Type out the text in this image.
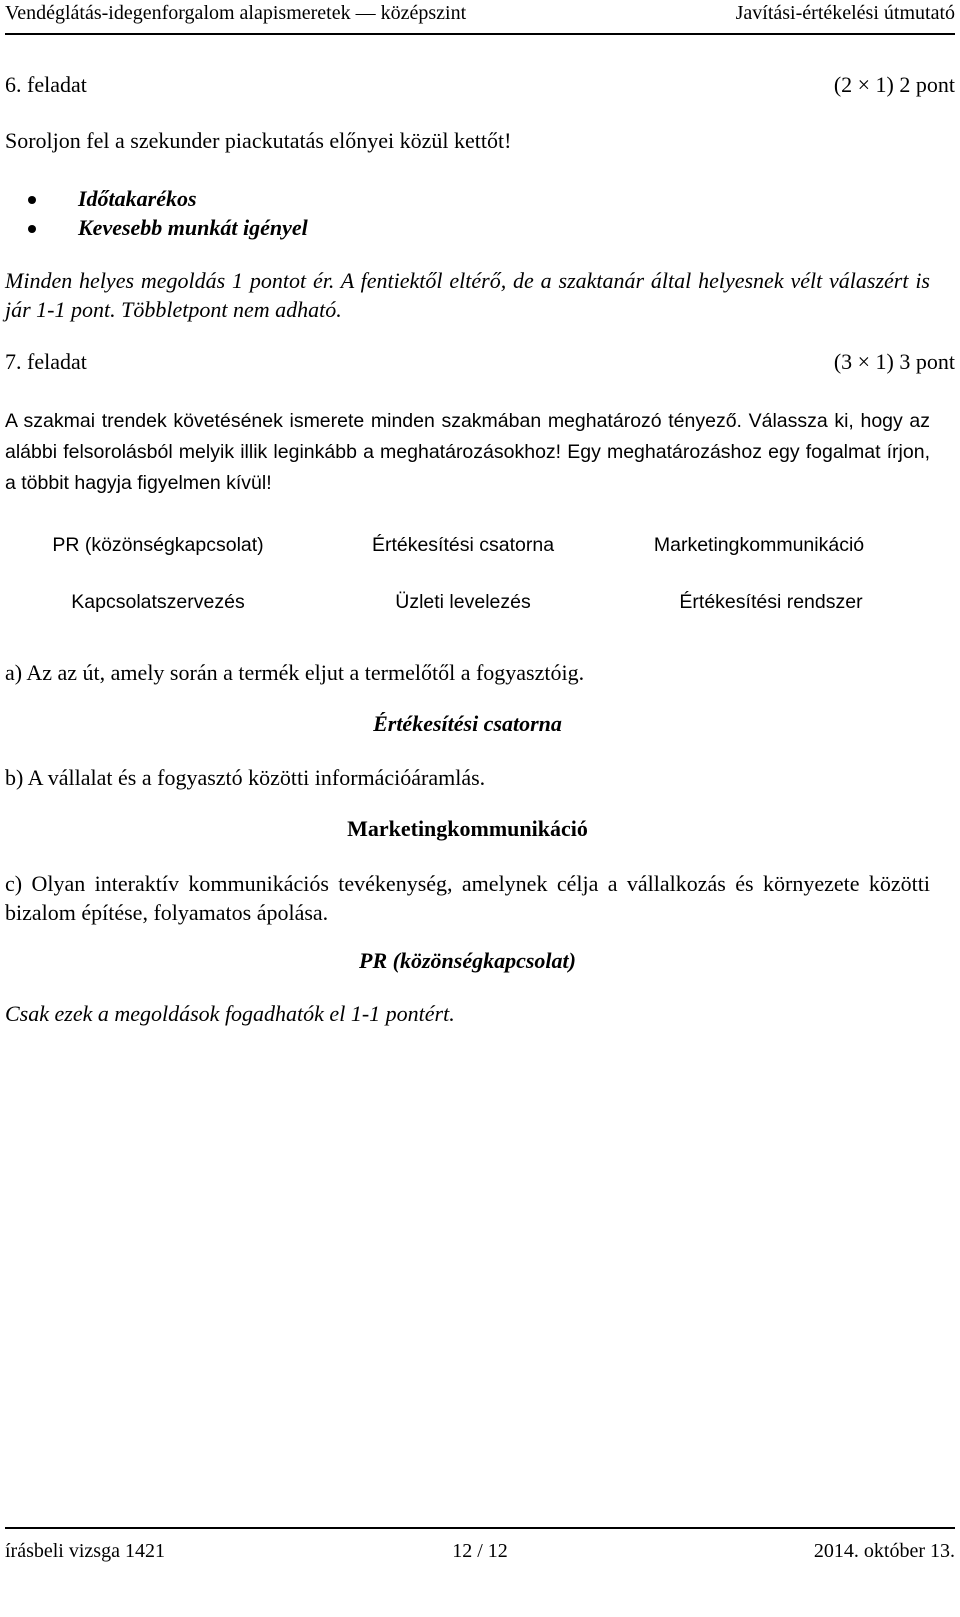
Vendéglátás-idegenforgalom alapismeretek — középszint	Javítási-értékelési útmutató
6. feladat	(2 × 1) 2 pont
Soroljon fel a szekunder piackutatás előnyei közül kettőt!
Időtakarékos
Kevesebb munkát igényel
Minden helyes megoldás 1 pontot ér. A fentiektől eltérő, de a szaktanár által helyesnek vélt válaszért is jár 1-1 pont. Többletpont nem adható.
7. feladat	(3 × 1) 3 pont
A szakmai trendek követésének ismerete minden szakmában meghatározó tényező. Válassza ki, hogy az alábbi felsorolásból melyik illik leginkább a meghatározásokhoz! Egy meghatározáshoz egy fogalmat írjon, a többit hagyja figyelmen kívül!
PR (közönségkapcsolat)	Értékesítési csatorna	Marketingkommunikáció
Kapcsolatszervezés	Üzleti levelezés	Értékesítési rendszer
a) Az az út, amely során a termék eljut a termelőtől a fogyasztóig.
Értékesítési csatorna
b) A vállalat és a fogyasztó közötti információáramlás.
Marketingkommunikáció
c) Olyan interaktív kommunikációs tevékenység, amelynek célja a vállalkozás és környezete közötti bizalom építése, folyamatos ápolása.
PR (közönségkapcsolat)
Csak ezek a megoldások fogadhatók el 1-1 pontért.
írásbeli vizsga 1421	12 / 12	2014. október 13.
